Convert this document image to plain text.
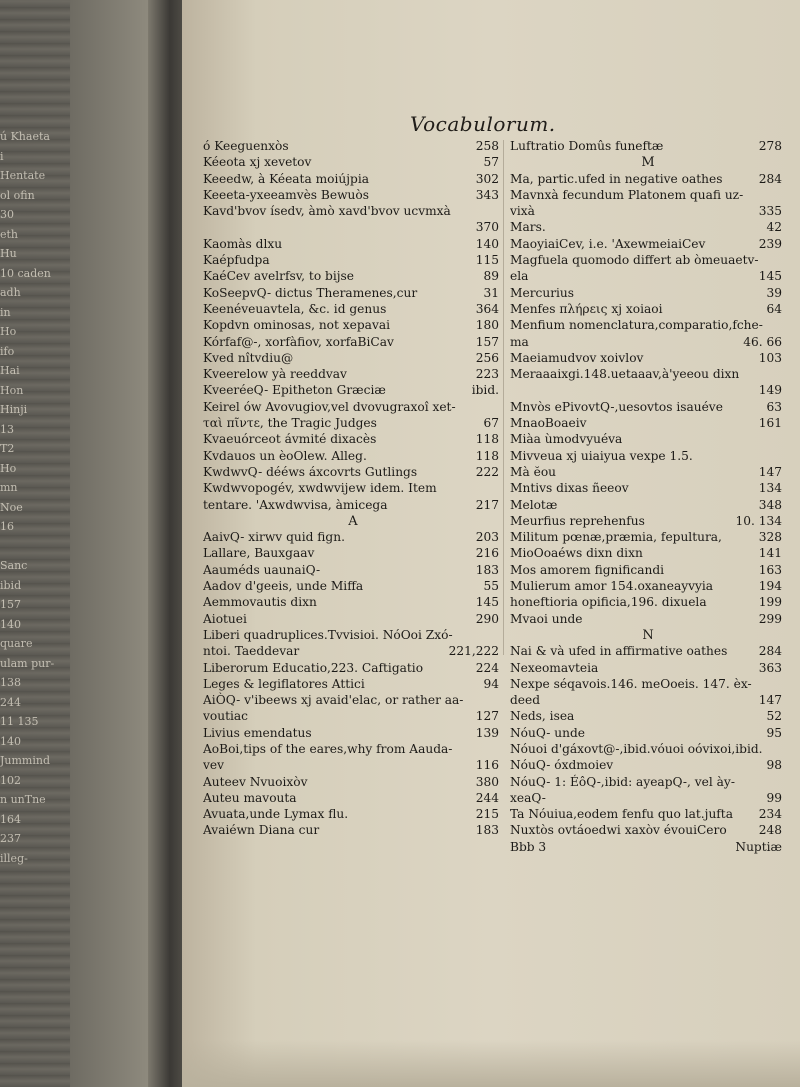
ú Khaeta
i
Hentate
ol ofin
30
eth
Hu
10 caden
adh
in
Ho
ifo
Hai
Hon
Hinji
13
T2
Ho
mn
Noe
16
Sanc
ibid
157
140
quare
ulam pur-
138
244
11 135
140
Jummind
102
n unTne
164
237
illeg-
Vocabulorum.
ó Keeguenxòs	258
Kéeota xj xevetov	57
Keeedw, à Kéeata moiújpia	302
Keeeta-yxeeamvès Bewuòs	343
Kavd'bvov ísedv, àmò xavd'bvov ucvmxà
370
Kaomàs dlxu	140
Kaépfudpa	115
KaéCev avelrfsv, to bijse	89
KoSeepvQ- dictus Theramenes,cur	31
Keenéveuavtela, &c. id genus	364
Kopdvn ominosas, not xepavai	180
Kórfaf@-, xorfàfiov, xorfaBiCav	157
Kved nîtvdiu@	256
Kveerelow yà reeddvav	223
KveeréeQ- Epitheton Græciæ	ibid.
Keirel ów Avovugiov,vel dvovugraxoî xet-
ταὶ πῖντε, the Tragic Judges	67
Kvaeuórceot ávmité dixacès	118
Kvdauos un èoOlew. Alleg.	118
KwdwvQ- dééws áxcovrts Gutlings	222
Kwdwvopogév, xwdwvijew idem. Item
tentare. 'Axwdwvisa, àmicega	217
A
AaivQ- xirwv quid fign.	203
Lallare, Bauxgaav	216
Aauméds uaunaiQ-	183
Aadov d'geeis, unde Miffa	55
Aemmovautis dixn	145
Aiotuei	290
Liberi quadruplices.Tvvisioi. NóOoi Zxó-
ntoi. Taeddevar	221,222
Liberorum Educatio,223. Caftigatio	224
Leges & legiflatores Attici	94
AiÒQ- v'ibeews xj avaid'elac, or rather aa-
voutiac	127
Livius emendatus	139
AoBoi,tips of the eares,why from Aauda-
vev	116
Auteev Nvuoixòv	380
Auteu mavouta	244
Avuata,unde Lymax flu.	215
Avaiéwn Diana cur	183
Luftratio Domûs funeftæ	278
M
Ma, partic.ufed in negative oathes	284
Mavnxà fecundum Platonem quafi uz-
vixà	335
Mars.	42
MaoyiaiCev, i.e. 'AxewmeiaiCev	239
Magfuela quomodo differt ab òmeuaetv-
ela	145
Mercurius	39
Menfes πλήρεις xj xoiaoi	64
Menfium nomenclatura,comparatio,fche-
ma	46. 66
Maeiamudvov xoivlov	103
Meraaaixgi.148.uetaaav,à'yeeou dixn
149
Mnvòs ePivovtQ-,uesovtos isauéve	63
MnaoBoaeiv	161
Miàa ùmodvyuéva
Mivveua xj uiaiyua vexpe 1.5.
Mà ĕou	147
Mntivs dixas ñeeov	134
Melotæ	348
Meurfius reprehenfus	10. 134
Militum pœnæ,præmia, fepultura,	328
MioOoaéws dixn dixn	141
Mos amorem fignificandi	163
Mulierum amor 154.oxaneayvyia	194
honeftioria opificia,196. dixuela	199
Mvaoi unde	299
N
Nai & và ufed in affirmative oathes	284
Nexeomavteia	363
Nexpe séqavois.146. meOoeis. 147. èx-
deed	147
Neds, isea	52
NóuQ- unde	95
Nóuoi d'gáxovt@-,ibid.vóuoi oóvixoi,ibid.
NóuQ- óxdmoiev	98
NóuQ- 1: ÉôQ-,ibid: ayeapQ-, vel ày-
xeaQ-	99
Ta Nóuiua,eodem fenfu quo lat.jufta 234
Nuxtòs ovtáoedwi xaxòv évouiCero	248
Bbb 3	Nuptiæ
